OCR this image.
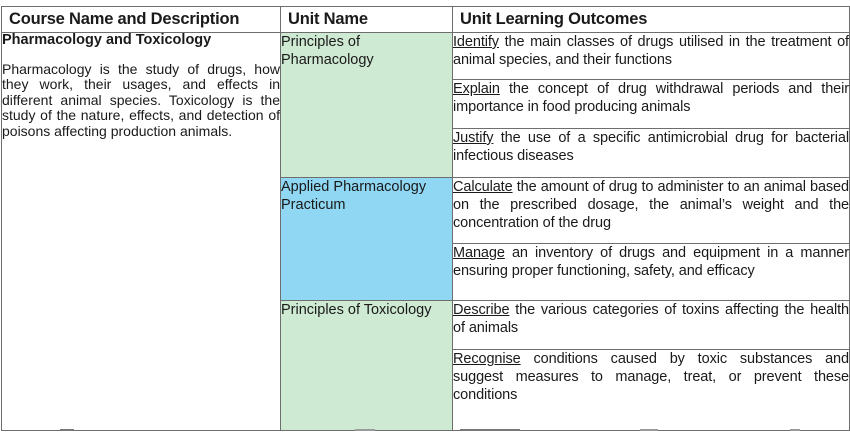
Course Name and Description	Unit Name	Unit Learning Outcomes

Pharmacology and Toxicology
Pharmacology is the study of drugs, how they work, their usages, and effects in different animal species. Toxicology is the study of the nature, effects, and detection of poisons affecting production animals.	Principles of Pharmacology	Identify the main classes of drugs utilised in the treatment of animal species, and their functions
		Explain the concept of drug withdrawal periods and their importance in food producing animals
		Justify the use of a specific antimicrobial drug for bacterial infectious diseases
	Applied Pharmacology Practicum	Calculate the amount of drug to administer to an animal based on the prescribed dosage, the animal’s weight and the concentration of the drug
		Manage an inventory of drugs and equipment in a manner ensuring proper functioning, safety, and efficacy
	Principles of Toxicology	Describe the various categories of toxins affecting the health of animals
		Recognise conditions caused by toxic substances and suggest measures to manage, treat, or prevent these conditions
